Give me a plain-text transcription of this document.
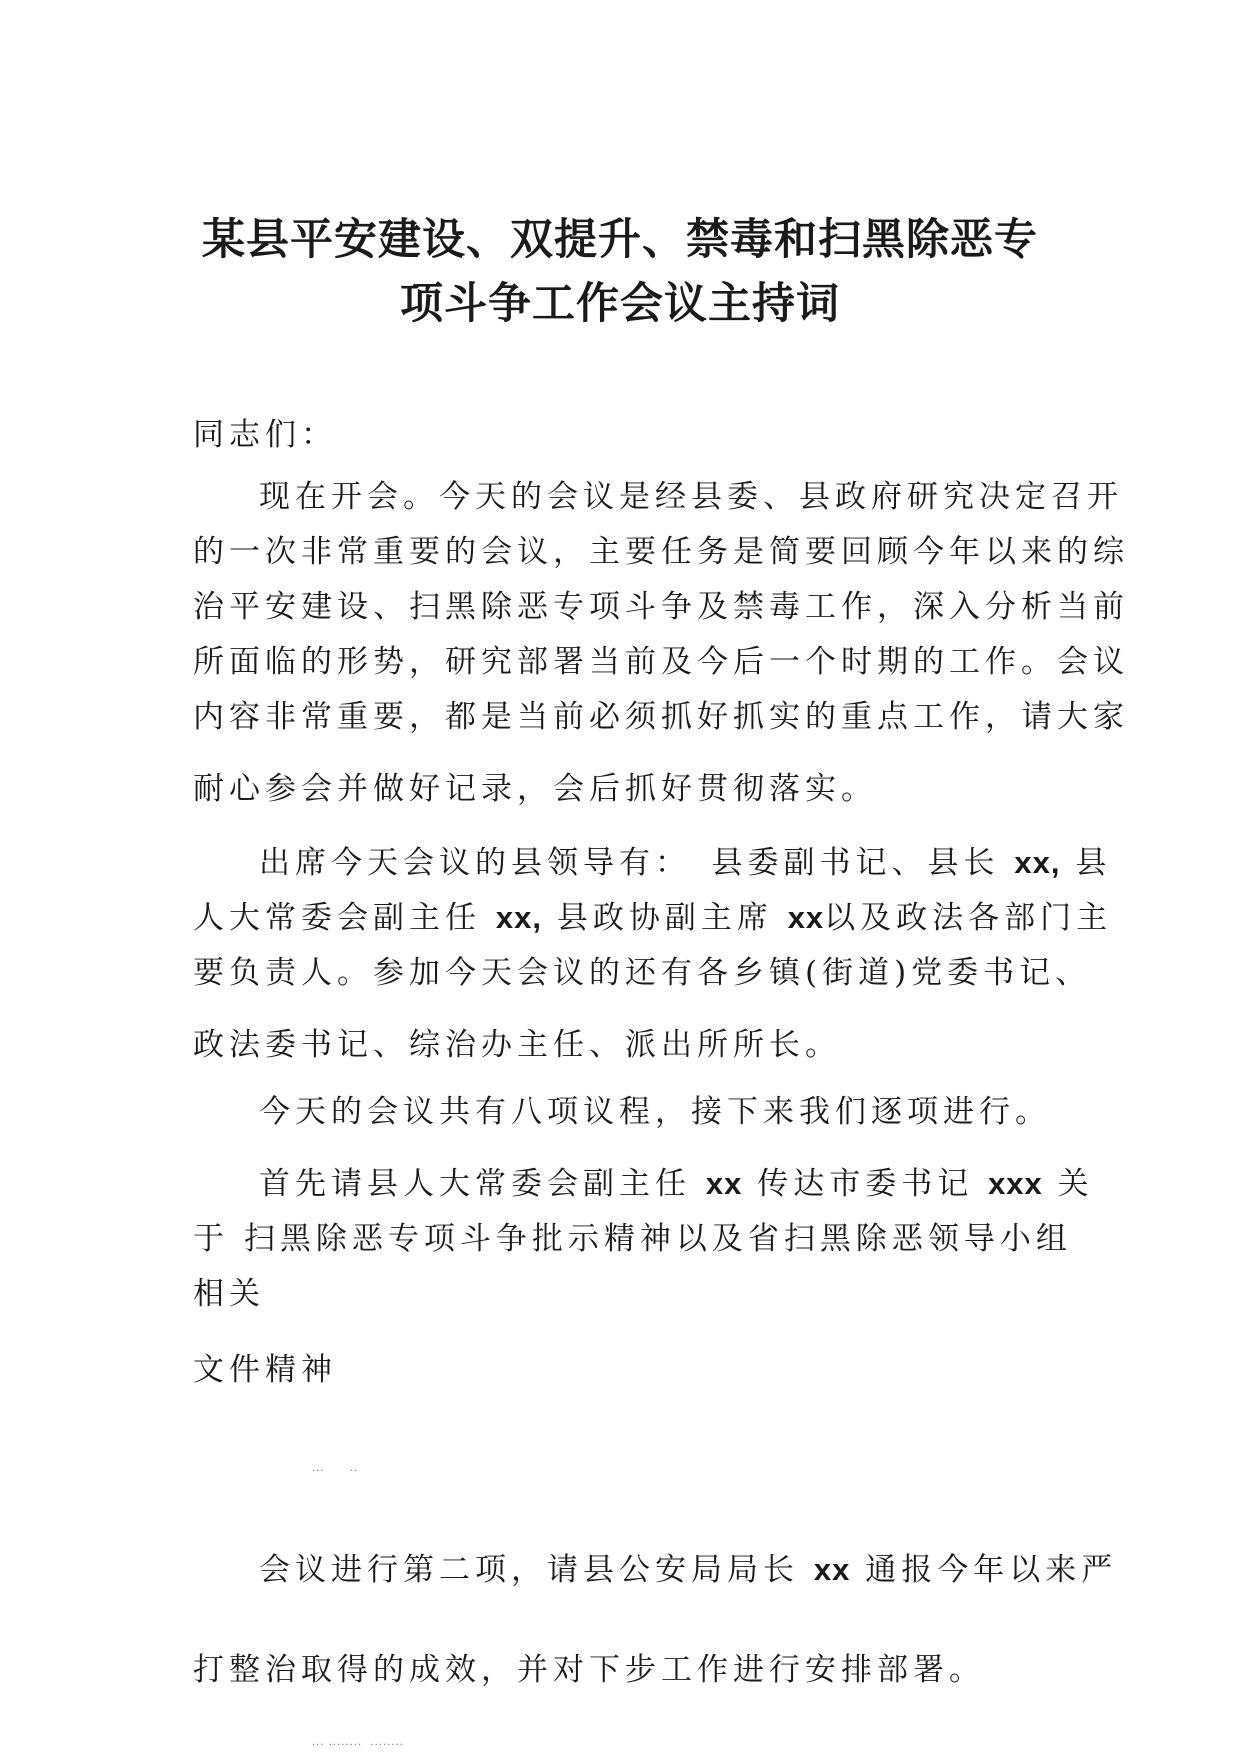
某县平安建设、双提升、禁毒和扫黑除恶专
项斗争工作会议主持词

同志们：

现在开会。今天的会议是经县委、县政府研究决定召开

的一次非常重要的会议，主要任务是简要回顾今年以来的综

治平安建设、扫黑除恶专项斗争及禁毒工作，深入分析当前

所面临的形势，研究部署当前及今后一个时期的工作。会议

内容非常重要，都是当前必须抓好抓实的重点工作，请大家

耐心参会并做好记录，会后抓好贯彻落实。

出席今天会议的县领导有：　县委副书记、县长 xx, 县

人大常委会副主任 xx, 县政协副主席 xx以及政法各部门主

要负责人。参加今天会议的还有各乡镇(街道)党委书记、

政法委书记、综治办主任、派出所所长。

今天的会议共有八项议程，接下来我们逐项进行。

首先请县人大常委会副主任 xx 传达市委书记 xxx 关

于 扫黑除恶专项斗争批示精神以及省扫黑除恶领导小组

相关

文件精神

···      ··

会议进行第二项，请县公安局局长 xx 通报今年以来严

打整治取得的成效，并对下步工作进行安排部署。

··· ········  ········
